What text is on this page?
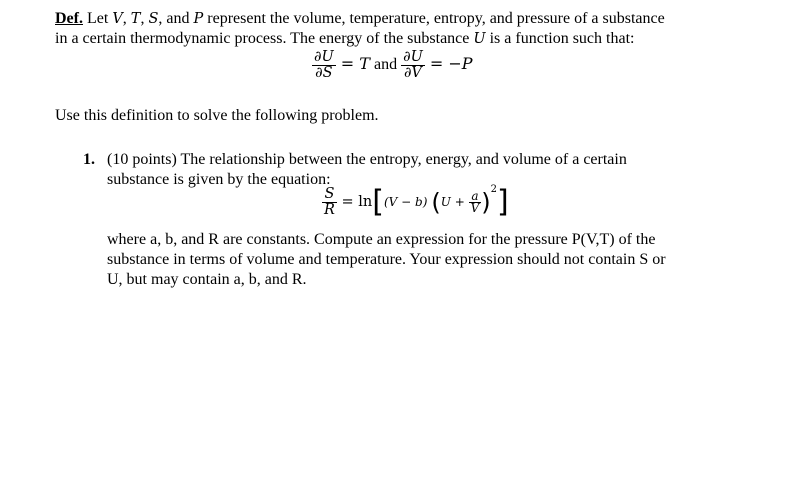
Def. Let V, T, S, and P represent the volume, temperature, entropy, and pressure of a substance
in a certain thermodynamic process. The energy of the substance U is a function such that:
$\frac{\partial U}{\partial S} = T$ and $\frac{\partial U}{\partial V} = -P$
Use this definition to solve the following problem.
1. (10 points) The relationship between the entropy, energy, and volume of a certain
substance is given by the equation:
$\frac{S}{R} = \ln[(V - b) (U + \frac{a}{V} )^2]$
where a, b, and R are constants. Compute an expression for the pressure P(V,T) of the
substance in terms of volume and temperature. Your expression should not contain S or
U, but may contain a, b, and R.
